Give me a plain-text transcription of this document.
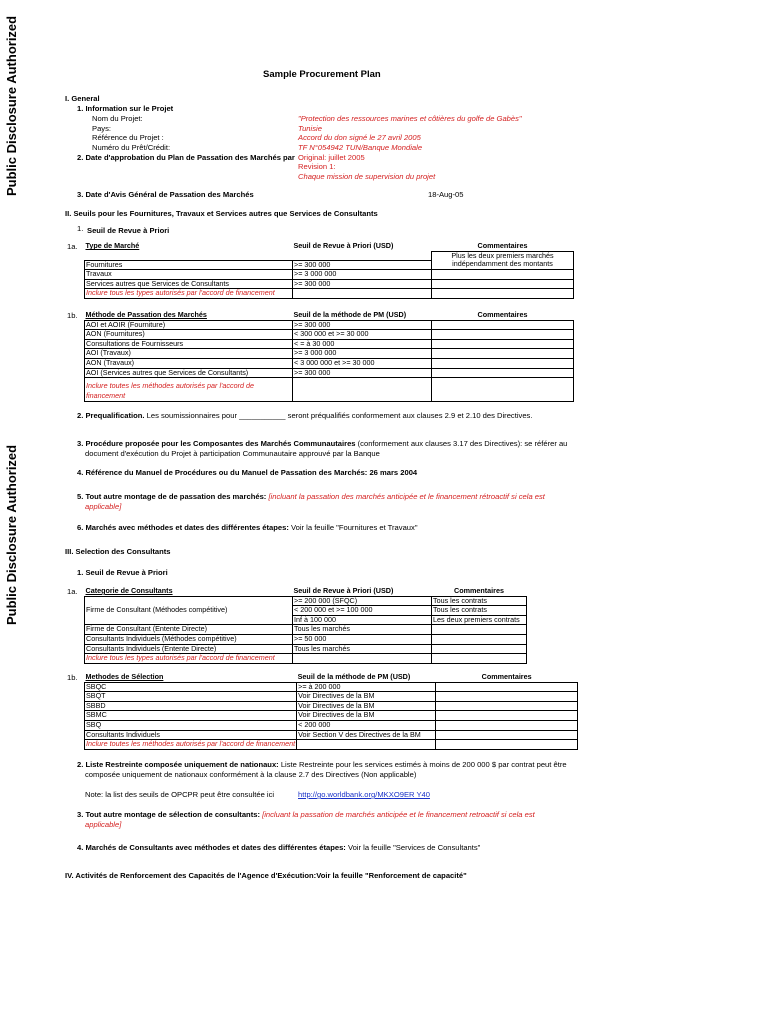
Public Disclosure Authorized
Public Disclosure Authorized
Sample Procurement Plan
I. General
1. Information sur le Projet
Nom du Projet:	"Protection des ressources marines et côtières du golfe de Gabès"
Pays:	Tunisie
Référence du Projet :	Accord du don signé le 27 avril 2005
Numéro du Prêt/Crédit:	TF N°054942 TUN/Banque Mondiale
2. Date d'approbation du Plan de Passation des Marchés par Original: juillet 2005
Revision 1:
Chaque mission de supervision du projet
3. Date d'Avis Général de Passation des Marchés	18-Aug-05
II. Seuils pour les Fournitures, Travaux et Services autres que Services de Consultants
1. Seuil de Revue à Priori
1a. Type de Marché	Seuil de Revue à Priori (USD)	Commentaires
		Plus les deux premiers marchés
Fournitures	>= 300 000	indépendamment des montants
Travaux	>= 3 000 000	
Services autres que Services de Consultants	>= 300 000	
Inclure tous les types autorisés par l'accord de financement		
1b. Méthode de Passation des Marchés	Seuil de la méthode de PM (USD)	Commentaires
AOI et AOIR (Fourniture)	>= 300 000	
AON (Fournitures)	< 300 000 et >= 30 000	
Consultations de Fournisseurs	< = à 30 000	
AOI (Travaux)	>= 3 000 000	
AON (Travaux)	< 3 000 000 et >= 30 000	
AOI (Services autres que Services de Consultants)	>= 300 000	
Inclure toutes les méthodes autorisés par l'accord de
financement		
2. Prequalification. Les soumissionnaires pour ___________ seront préqualifiés conformement aux clauses 2.9 et 2.10 des Directives.
3. Procédure proposée pour les Composantes des Marchés Communautaires (conformement aux clauses 3.17 des Directives): se référer au
document d'exécution du Projet à participation Communautaire approuvé par la Banque
4. Référence du Manuel de Procédures ou du Manuel de Passation des Marchés: 26 mars 2004
5. Tout autre montage de de passation des marchés: [incluant la passation des marchés anticipée et le financement rétroactif si cela est
applicable]
6. Marchés avec méthodes et dates des différentes étapes: Voir la feuille "Fournitures et Travaux"
III. Selection des Consultants
1. Seuil de Revue à Priori
1a. Categorie de Consultants	Seuil de Revue à Priori (USD)	Commentaires
Firme de Consultant (Méthodes compétitive)	>= 200 000 (SFQC)	Tous les contrats
	< 200 000 et >= 100 000	Tous les contrats
	Inf à 100 000	Les deux premiers contrats
Firme de Consultant (Entente Directe)	Tous les marchés	
Consultants Individuels (Méthodes compétitive)	>= 50 000	
Consultants Individuels (Entente Directe)	Tous les marchés	
Inclure tous les types autorisés par l'accord de financement		
1b. Methodes de Sélection	Seuil de la méthode de PM (USD)	Commentaires
SBQC	>= à 200 000	
SBQT	Voir Directives de la BM	
SBBD	Voir Directives de la BM	
SBMC	Voir Directives de la BM	
SBQ	< 200 000	
Consultants Individuels	Voir Section V des Directives de la BM	
Inclure toutes les méthodes autorisés par l'accord de financement		
2. Liste Restreinte composée uniquement de nationaux: Liste Restreinte pour les services estimés à moins de 200 000 $ par contrat peut être
composée uniquement de nationaux conformément à la clause 2.7 des Directives (Non applicable)
Note: la list des seuils de OPCPR peut être consultée ici	http://go.worldbank.org/MKXO9ER Y40
3. Tout autre montage de sélection de consultants: [incluant la passation de marchés anticipée et le financement retroactif si cela est
applicable]
4. Marchés de Consultants avec méthodes et dates des différentes étapes: Voir la feuille "Services de Consultants"
IV. Activités de Renforcement des Capacités de l'Agence d'Exécution:Voir la feuille "Renforcement de capacité"
